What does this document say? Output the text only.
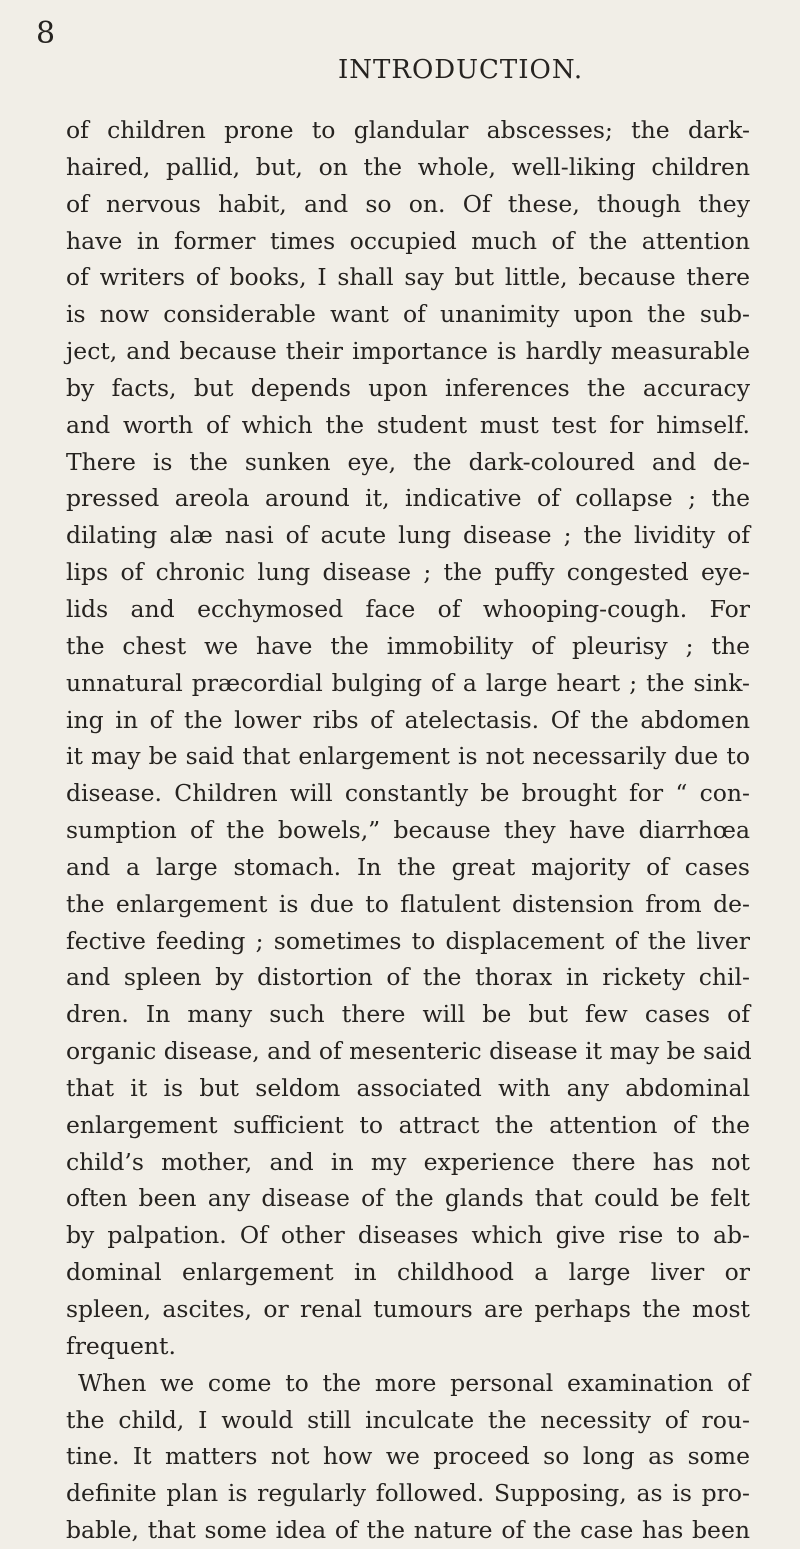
8
INTRODUCTION.
of children prone to glandular abscesses; the dark-
haired, pallid, but, on the whole, well-liking children
of nervous habit, and so on. Of these, though they
have in former times occupied much of the attention
of writers of books, I shall say but little, because there
is now considerable want of unanimity upon the sub-
ject, and because their importance is hardly measurable
by facts, but depends upon inferences the accuracy
and worth of which the student must test for himself.
There is the sunken eye, the dark-coloured and de-
pressed areola around it, indicative of collapse ; the
dilating alæ nasi of acute lung disease ; the lividity of
lips of chronic lung disease ; the puffy congested eye-
lids and ecchymosed face of whooping-cough. For
the chest we have the immobility of pleurisy ; the
unnatural præcordial bulging of a large heart ; the sink-
ing in of the lower ribs of atelectasis. Of the abdomen
it may be said that enlargement is not necessarily due to
disease. Children will constantly be brought for “ con-
sumption of the bowels,” because they have diarrhœa
and a large stomach. In the great majority of cases
the enlargement is due to flatulent distension from de-
fective feeding ; sometimes to displacement of the liver
and spleen by distortion of the thorax in rickety chil-
dren. In many such there will be but few cases of
organic disease, and of mesenteric disease it may be said
that it is but seldom associated with any abdominal
enlargement sufficient to attract the attention of the
child’s mother, and in my experience there has not
often been any disease of the glands that could be felt
by palpation. Of other diseases which give rise to ab-
dominal enlargement in childhood a large liver or
spleen, ascites, or renal tumours are perhaps the most
frequent.
When we come to the more personal examination of
the child, I would still inculcate the necessity of rou-
tine. It matters not how we proceed so long as some
definite plan is regularly followed. Supposing, as is pro-
bable, that some idea of the nature of the case has been
